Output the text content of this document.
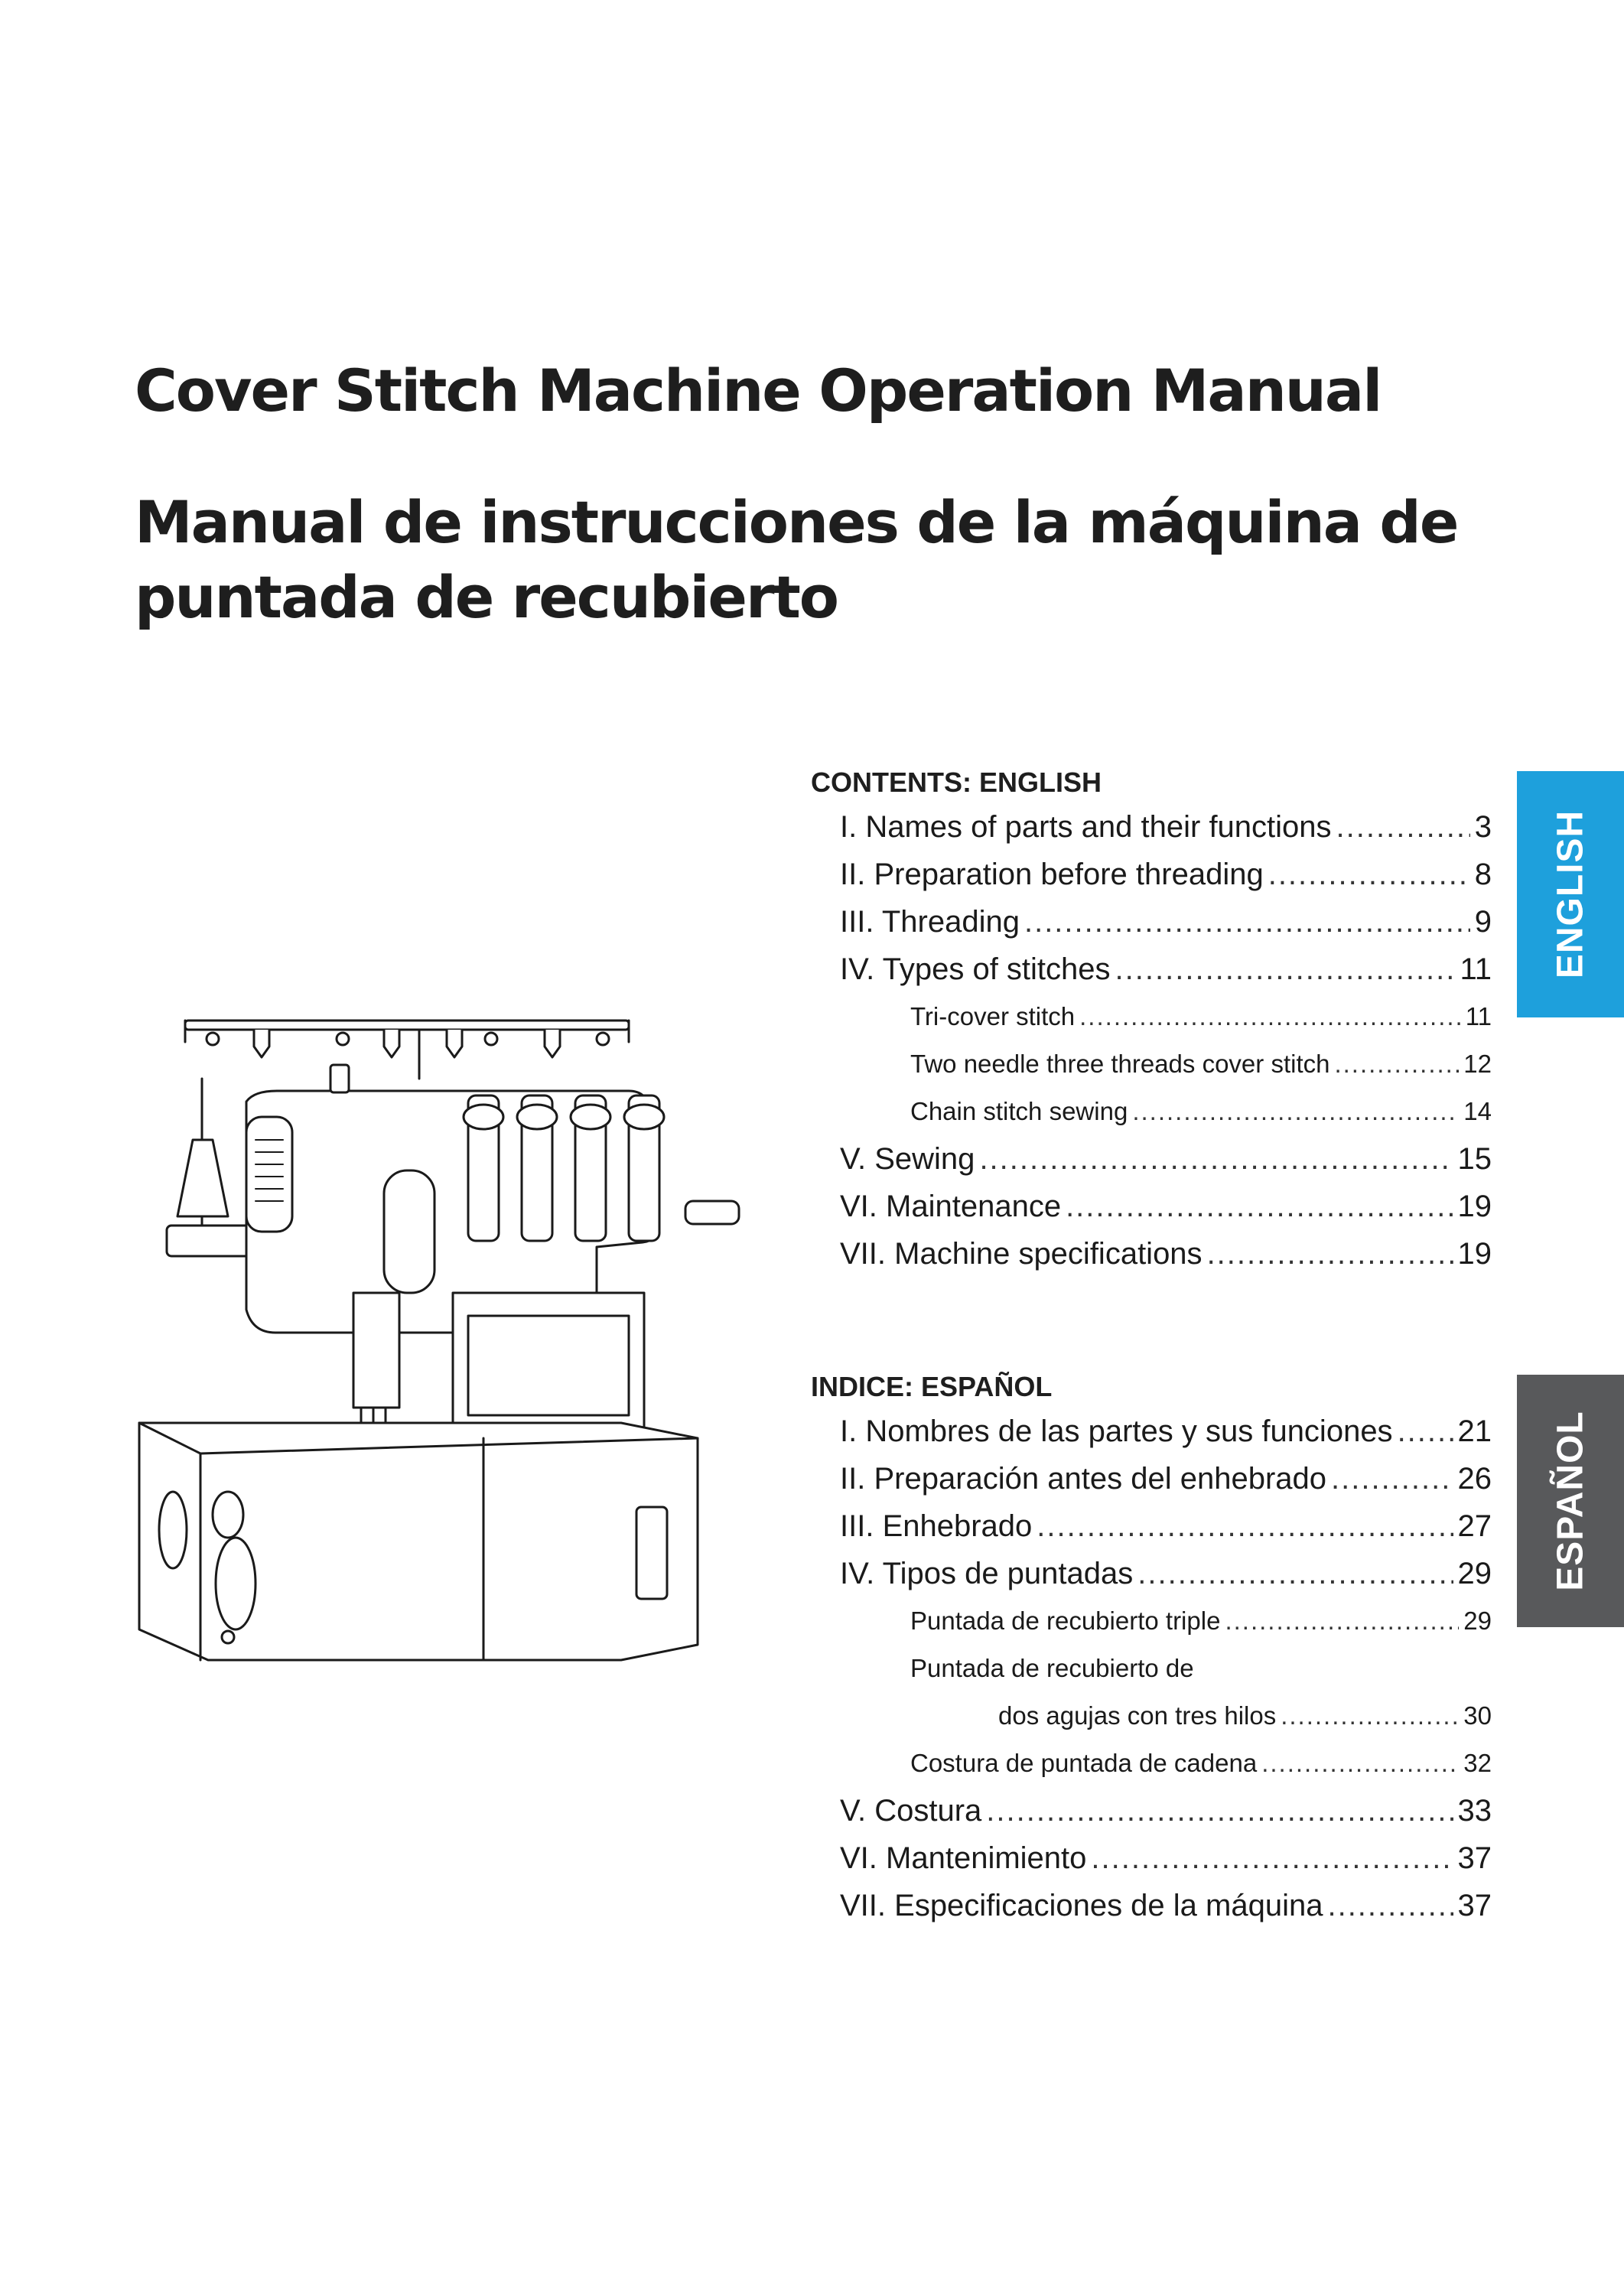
Cover Stitch Machine Operation Manual
Manual de instrucciones de la máquina de
puntada de recubierto
CONTENTS: ENGLISH
I. Names of parts and their functions .....	3
II. Preparation before threading .....	8
III. Threading .....	9
IV. Types of stitches .....	11
Tri-cover stitch .....	11
Two needle three threads cover stitch .....	12
Chain stitch sewing .....	14
V. Sewing .....	15
VI. Maintenance .....	19
VII. Machine specifications .....	19
INDICE: ESPAÑOL
I. Nombres de las partes y sus funciones ..... 21
II. Preparación antes del enhebrado .....	26
III. Enhebrado .....	27
IV. Tipos de puntadas .....	29
Puntada de recubierto triple .....	29
Puntada de recubierto de
dos agujas con tres hilos .....	30
Costura de puntada de cadena .....	32
V. Costura .....	33
VI. Mantenimiento .....	37
VII. Especificaciones de la máquina .....	37
ENGLISH
ESPAÑOL
